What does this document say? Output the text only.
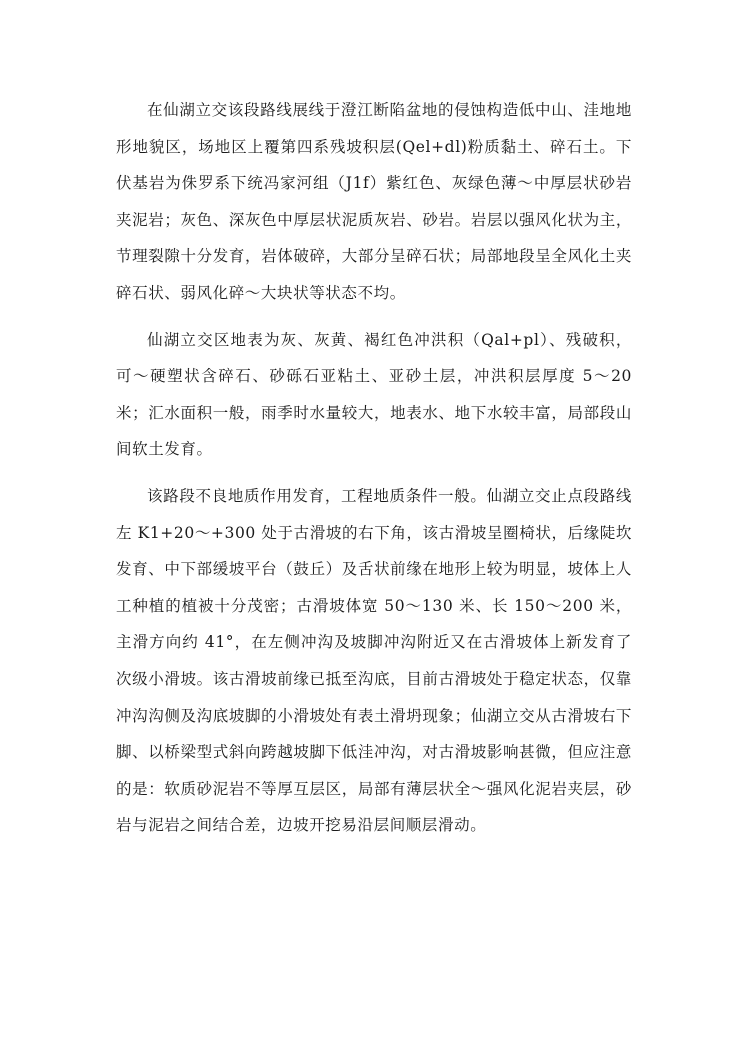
在仙湖立交该段路线展线于澄江断陷盆地的侵蚀构造低中山、洼地地形地貌区，场地区上覆第四系残坡积层(Qel+dl)粉质黏土、碎石土。下伏基岩为侏罗系下统冯家河组（J1f）紫红色、灰绿色薄～中厚层状砂岩夹泥岩；灰色、深灰色中厚层状泥质灰岩、砂岩。岩层以强风化状为主，节理裂隙十分发育，岩体破碎，大部分呈碎石状；局部地段呈全风化土夹碎石状、弱风化碎～大块状等状态不均。

仙湖立交区地表为灰、灰黄、褐红色冲洪积（Qal+pl）、残破积，可～硬塑状含碎石、砂砾石亚粘土、亚砂土层，冲洪积层厚度 5～20 米；汇水面积一般，雨季时水量较大，地表水、地下水较丰富，局部段山间软土发育。

该路段不良地质作用发育，工程地质条件一般。仙湖立交止点段路线左 K1+20～+300 处于古滑坡的右下角，该古滑坡呈圈椅状，后缘陡坎发育、中下部缓坡平台（鼓丘）及舌状前缘在地形上较为明显，坡体上人工种植的植被十分茂密；古滑坡体宽 50～130 米、长 150～200 米，主滑方向约 41°，在左侧冲沟及坡脚冲沟附近又在古滑坡体上新发育了次级小滑坡。该古滑坡前缘已抵至沟底，目前古滑坡处于稳定状态，仅靠冲沟沟侧及沟底坡脚的小滑坡处有表土滑坍现象；仙湖立交从古滑坡右下脚、以桥梁型式斜向跨越坡脚下低洼冲沟，对古滑坡影响甚微，但应注意的是：软质砂泥岩不等厚互层区，局部有薄层状全～强风化泥岩夹层，砂岩与泥岩之间结合差，边坡开挖易沿层间顺层滑动。
